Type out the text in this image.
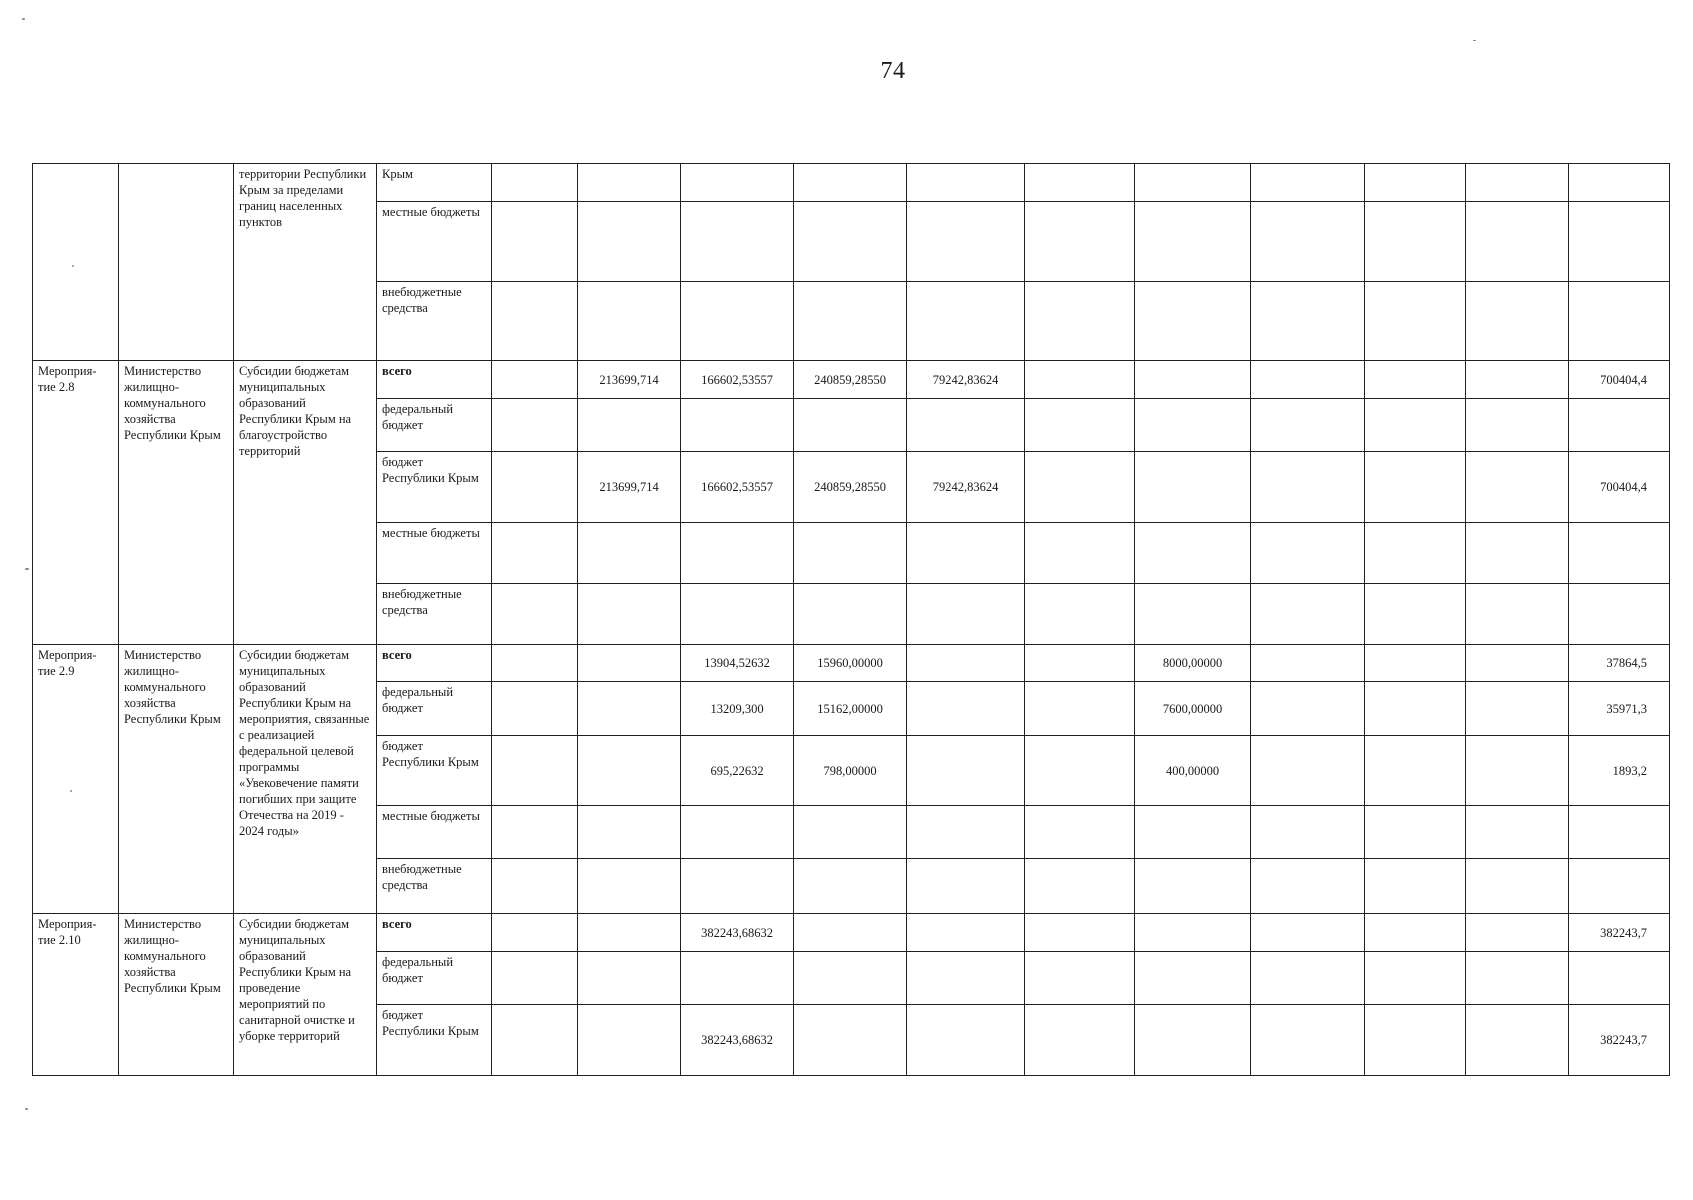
74
		территории Республики Крым за пределами границ населенных пунктов	Крым											
			местные бюджеты											
			внебюджетные средства											
Мероприя-тие 2.8	Министерство жилищно-коммунального хозяйства Республики Крым	Субсидии бюджетам муниципальных образований Республики Крым на благоустройство территорий	всего		213699,714	166602,53557	240859,28550	79242,83624						700404,4
			федеральный бюджет											
			бюджет Республики Крым		213699,714	166602,53557	240859,28550	79242,83624						700404,4
			местные бюджеты											
			внебюджетные средства											
Мероприя-тие 2.9	Министерство жилищно-коммунального хозяйства Республики Крым	Субсидии бюджетам муниципальных образований Республики Крым на мероприятия, связанные с реализацией федеральной целевой программы «Увековечение памяти погибших при защите Отечества на 2019 - 2024 годы»	всего			13904,52632	15960,00000			8000,00000				37864,5
			федеральный бюджет			13209,300	15162,00000			7600,00000				35971,3
			бюджет Республики Крым			695,22632	798,00000			400,00000				1893,2
			местные бюджеты											
			внебюджетные средства											
Мероприя-тие 2.10	Министерство жилищно-коммунального хозяйства Республики Крым	Субсидии бюджетам муниципальных образований Республики Крым на проведение мероприятий по санитарной очистке и уборке территорий	всего			382243,68632								382243,7
			федеральный бюджет											
			бюджет Республики Крым			382243,68632								382243,7
